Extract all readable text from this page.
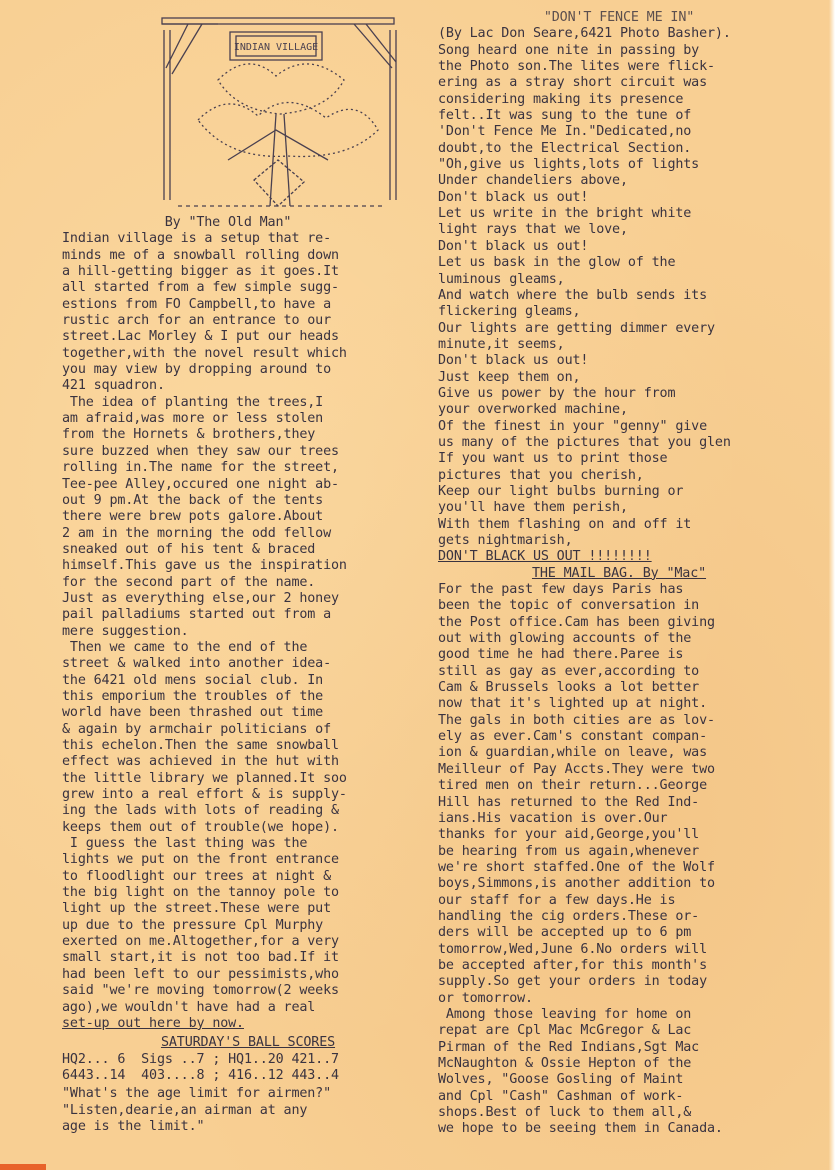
INDIAN VILLAGE

By "The Old Man"

Indian village is a setup that re-

minds me of a snowball rolling down

a hill-getting bigger as it goes.It

all started from a few simple sugg-

estions from FO Campbell,to have a

rustic arch for an entrance to our

street.Lac Morley & I put our heads

together,with the novel result which

you may view by dropping around to

421 squadron.

The idea of planting the trees,I

am afraid,was more or less stolen

from the Hornets & brothers,they

sure buzzed when they saw our trees

rolling in.The name for the street,

Tee-pee Alley,occured one night ab-

out 9 pm.At the back of the tents

there were brew pots galore.About

2 am in the morning the odd fellow

sneaked out of his tent & braced

himself.This gave us the inspiration

for the second part of the name.

Just as everything else,our 2 honey

pail palladiums started out from a

mere suggestion.

Then we came to the end of the

street & walked into another idea-

the 6421 old mens social club. In

this emporium the troubles of the

world have been thrashed out time

& again by armchair politicians of

this echelon.Then the same snowball

effect was achieved in the hut with

the little library we planned.It soo

grew into a real effort & is supply-

ing the lads with lots of reading &

keeps them out of trouble(we hope).

I guess the last thing was the

lights we put on the front entrance

to floodlight our trees at night &

the big light on the tannoy pole to

light up the street.These were put

up due to the pressure Cpl Murphy

exerted on me.Altogether,for a very

small start,it is not too bad.If it

had been left to our pessimists,who

said "we're moving tomorrow(2 weeks

ago),we wouldn't have had a real

set-up out here by now.

SATURDAY'S BALL SCORES

HQ2... 6  Sigs ..7 ; HQ1..20 421..7

6443..14  403....8 ; 416..12 443..4

"What's the age limit for airmen?"

"Listen,dearie,an airman at any

age is the limit."

"DON'T FENCE ME IN"

(By Lac Don Seare,6421 Photo Basher).

Song heard one nite in passing by

the Photo son.The lites were flick-

ering as a stray short circuit was

considering making its presence

felt..It was sung to the tune of

'Don't Fence Me In."Dedicated,no

doubt,to the Electrical Section.

"Oh,give us lights,lots of lights

Under chandeliers above,

Don't black us out!

Let us write in the bright white

light rays that we love,

Don't black us out!

Let us bask in the glow of the

luminous gleams,

And watch where the bulb sends its

flickering gleams,

Our lights are getting dimmer every

minute,it seems,

Don't black us out!

Just keep them on,

Give us power by the hour from

your overworked machine,

Of the finest in your "genny" give

us many of the pictures that you glen

If you want us to print those

pictures that you cherish,

Keep our light bulbs burning or

you'll have them perish,

With them flashing on and off it

gets nightmarish,

DON'T BLACK US OUT !!!!!!!!

THE MAIL BAG. By "Mac"

For the past few days Paris has

been the topic of conversation in

the Post office.Cam has been giving

out with glowing accounts of the

good time he had there.Paree is

still as gay as ever,according to

Cam & Brussels looks a lot better

now that it's lighted up at night.

The gals in both cities are as lov-

ely as ever.Cam's constant compan-

ion & guardian,while on leave, was

Meilleur of Pay Accts.They were two

tired men on their return...George

Hill has returned to the Red Ind-

ians.His vacation is over.Our

thanks for your aid,George,you'll

be hearing from us again,whenever

we're short staffed.One of the Wolf

boys,Simmons,is another addition to

our staff for a few days.He is

handling the cig orders.These or-

ders will be accepted up to 6 pm

tomorrow,Wed,June 6.No orders will

be accepted after,for this month's

supply.So get your orders in today

or tomorrow.

Among those leaving for home on

repat are Cpl Mac McGregor & Lac

Pirman of the Red Indians,Sgt Mac

McNaughton & Ossie Hepton of the

Wolves, "Goose Gosling of Maint

and Cpl "Cash" Cashman of work-

shops.Best of luck to them all,&

we hope to be seeing them in Canada.
